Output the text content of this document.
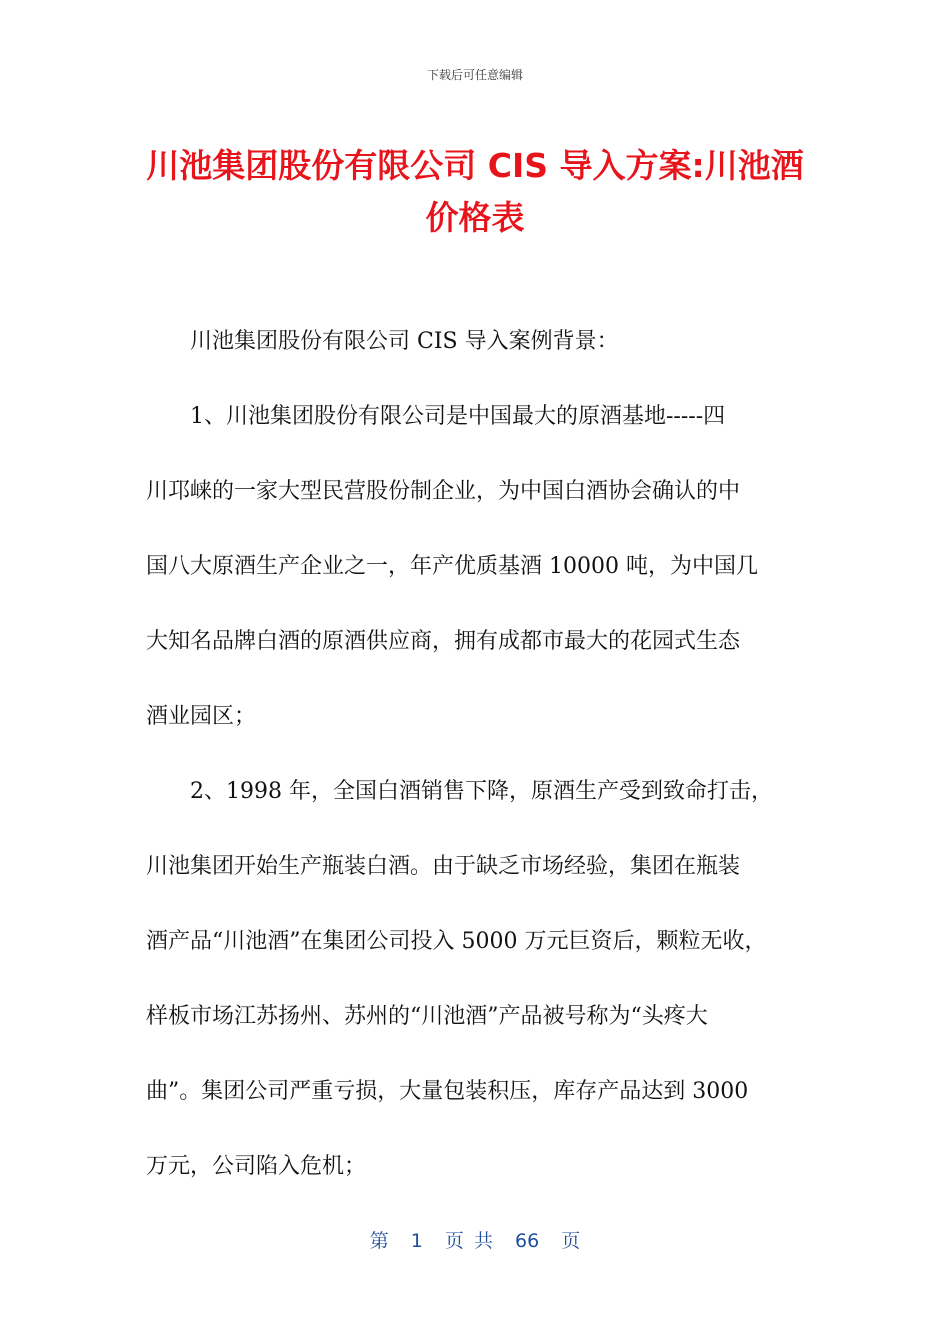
下载后可任意编辑
川池集团股份有限公司 CIS 导入方案:川池酒
价格表
川池集团股份有限公司 CIS 导入案例背景：
1、川池集团股份有限公司是中国最大的原酒基地-----四
川邛崃的一家大型民营股份制企业，为中国白酒协会确认的中
国八大原酒生产企业之一，年产优质基酒 10000 吨，为中国几
大知名品牌白酒的原酒供应商，拥有成都市最大的花园式生态
酒业园区；
2、1998 年，全国白酒销售下降，原酒生产受到致命打击，
川池集团开始生产瓶装白酒。由于缺乏市场经验，集团在瓶装
酒产品“川池酒”在集团公司投入 5000 万元巨资后，颗粒无收，
样板市场江苏扬州、苏州的“川池酒”产品被号称为“头疼大
曲”。集团公司严重亏损，大量包装积压，库存产品达到 3000
万元，公司陷入危机；
第 1 页 共 66 页
